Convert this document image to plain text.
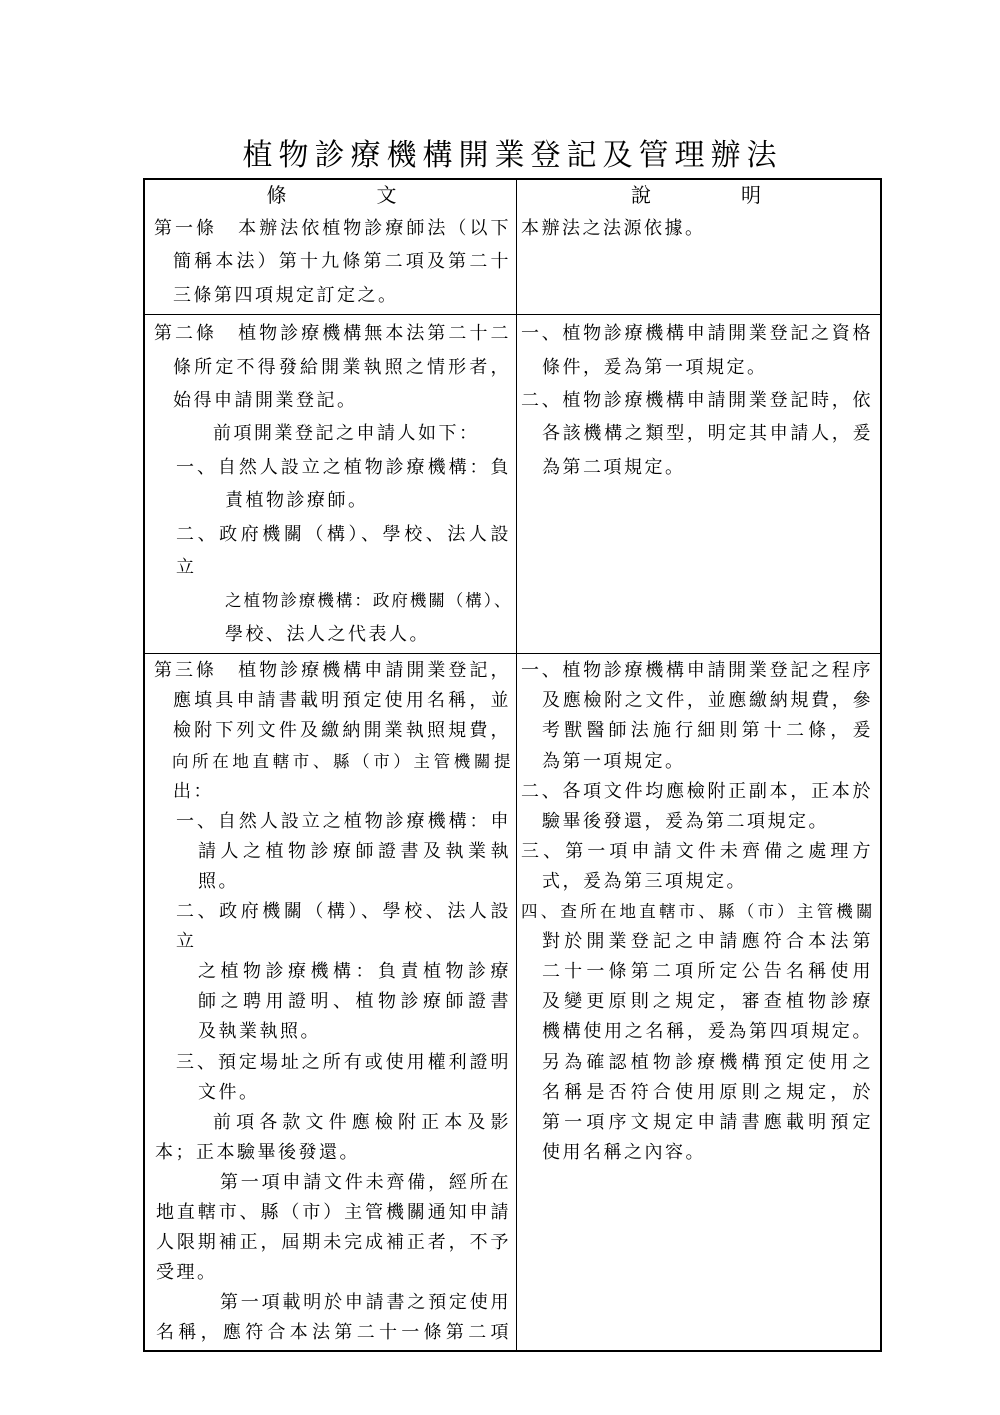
植物診療機構開業登記及管理辦法
條　　　　文	說　　　　明
第一條　本辦法依植物診療師法（以下
簡稱本法）第十九條第二項及第二十
三條第四項規定訂定之。
本辦法之法源依據。
第二條　植物診療機構無本法第二十二
條所定不得發給開業執照之情形者，
始得申請開業登記。
前項開業登記之申請人如下：
一、自然人設立之植物診療機構：負
責植物診療師。
二、政府機關（構）、學校、法人設立
之植物診療機構：政府機關（構）、
學校、法人之代表人。
一、植物診療機構申請開業登記之資格
條件，爰為第一項規定。
二、植物診療機構申請開業登記時，依
各該機構之類型，明定其申請人，爰
為第二項規定。
第三條　植物診療機構申請開業登記，
應填具申請書載明預定使用名稱，並
檢附下列文件及繳納開業執照規費，
向所在地直轄市、縣（市）主管機關提
出：
一、自然人設立之植物診療機構：申
請人之植物診療師證書及執業執
照。
二、政府機關（構）、學校、法人設立
之植物診療機構：負責植物診療
師之聘用證明、植物診療師證書
及執業執照。
三、預定場址之所有或使用權利證明
文件。
前項各款文件應檢附正本及影
本；正本驗畢後發還。
第一項申請文件未齊備，經所在
地直轄市、縣（市）主管機關通知申請
人限期補正，屆期未完成補正者，不予
受理。
第一項載明於申請書之預定使用
名稱，應符合本法第二十一條第二項
一、植物診療機構申請開業登記之程序
及應檢附之文件，並應繳納規費，參
考獸醫師法施行細則第十二條，爰
為第一項規定。
二、各項文件均應檢附正副本，正本於
驗畢後發還，爰為第二項規定。
三、第一項申請文件未齊備之處理方
式，爰為第三項規定。
四、查所在地直轄市、縣（市）主管機關
對於開業登記之申請應符合本法第
二十一條第二項所定公告名稱使用
及變更原則之規定，審查植物診療
機構使用之名稱，爰為第四項規定。
另為確認植物診療機構預定使用之
名稱是否符合使用原則之規定，於
第一項序文規定申請書應載明預定
使用名稱之內容。
